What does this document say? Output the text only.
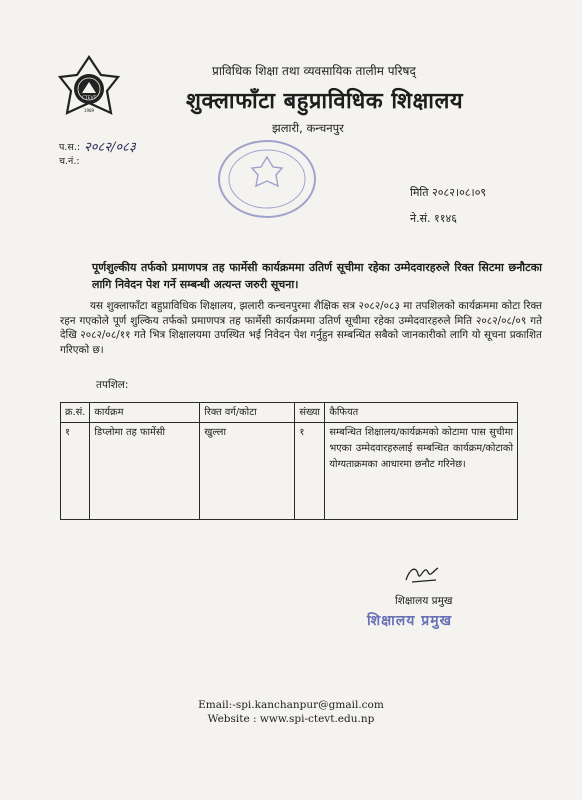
CTEVT
1989
प्राविधिक शिक्षा तथा व्यवसायिक तालीम परिषद्
शुक्लाफाँटा बहुप्राविधिक शिक्षालय
झलारी, कन्चनपुर
प.स.: २०८२/०८३
च.नं.:
मिति २०८२।०८।०९
ने.सं. ११४६
पूर्णशुल्कीय तर्फको प्रमाणपत्र तह फार्मेसी कार्यक्रममा उतिर्ण सूचीमा रहेका उम्मेदवारहरुले रिक्त सिटमा छनौटका लागि निवेदन पेश गर्ने सम्बन्धी अत्यन्त जरुरी सूचना।
यस शुक्लाफाँटा बहुप्राविधिक शिक्षालय, झलारी कन्चनपुरमा शैक्षिक सत्र २०८२/०८३ मा तपशिलको कार्यक्रममा कोटा रिक्त रहन गएकोले पूर्ण शुल्किय तर्फको प्रमाणपत्र तह फार्मेसी कार्यक्रममा उतिर्ण सूचीमा रहेका उम्मेदवारहरुले मिति २०८२/०८/०९ गते देखि २०८२/०८/११ गते भित्र शिक्षालयमा उपस्थित भई निवेदन पेश गर्नुहुन सम्बन्धित सबैको जानकारीको लागि यो सूचना प्रकाशित गरिएको छ।
तपशिल:
क्र.सं.	कार्यक्रम	रिक्त वर्ग/कोटा	संख्या	कैफियत
१	डिप्लोमा तह फार्मेसी	खुल्ला	१	सम्बन्धित शिक्षालय/कार्यक्रमको कोटामा पास सुचीमा भएका उम्मेदवारहरुलाई सम्बन्धित कार्यक्रम/कोटाको योग्यताक्रमका आधारमा छनौट गरिनेछ।
शिक्षालय प्रमुख
शिक्षालय प्रमुख
Email:-spi.kanchanpur@gmail.com
Website : www.spi-ctevt.edu.np
